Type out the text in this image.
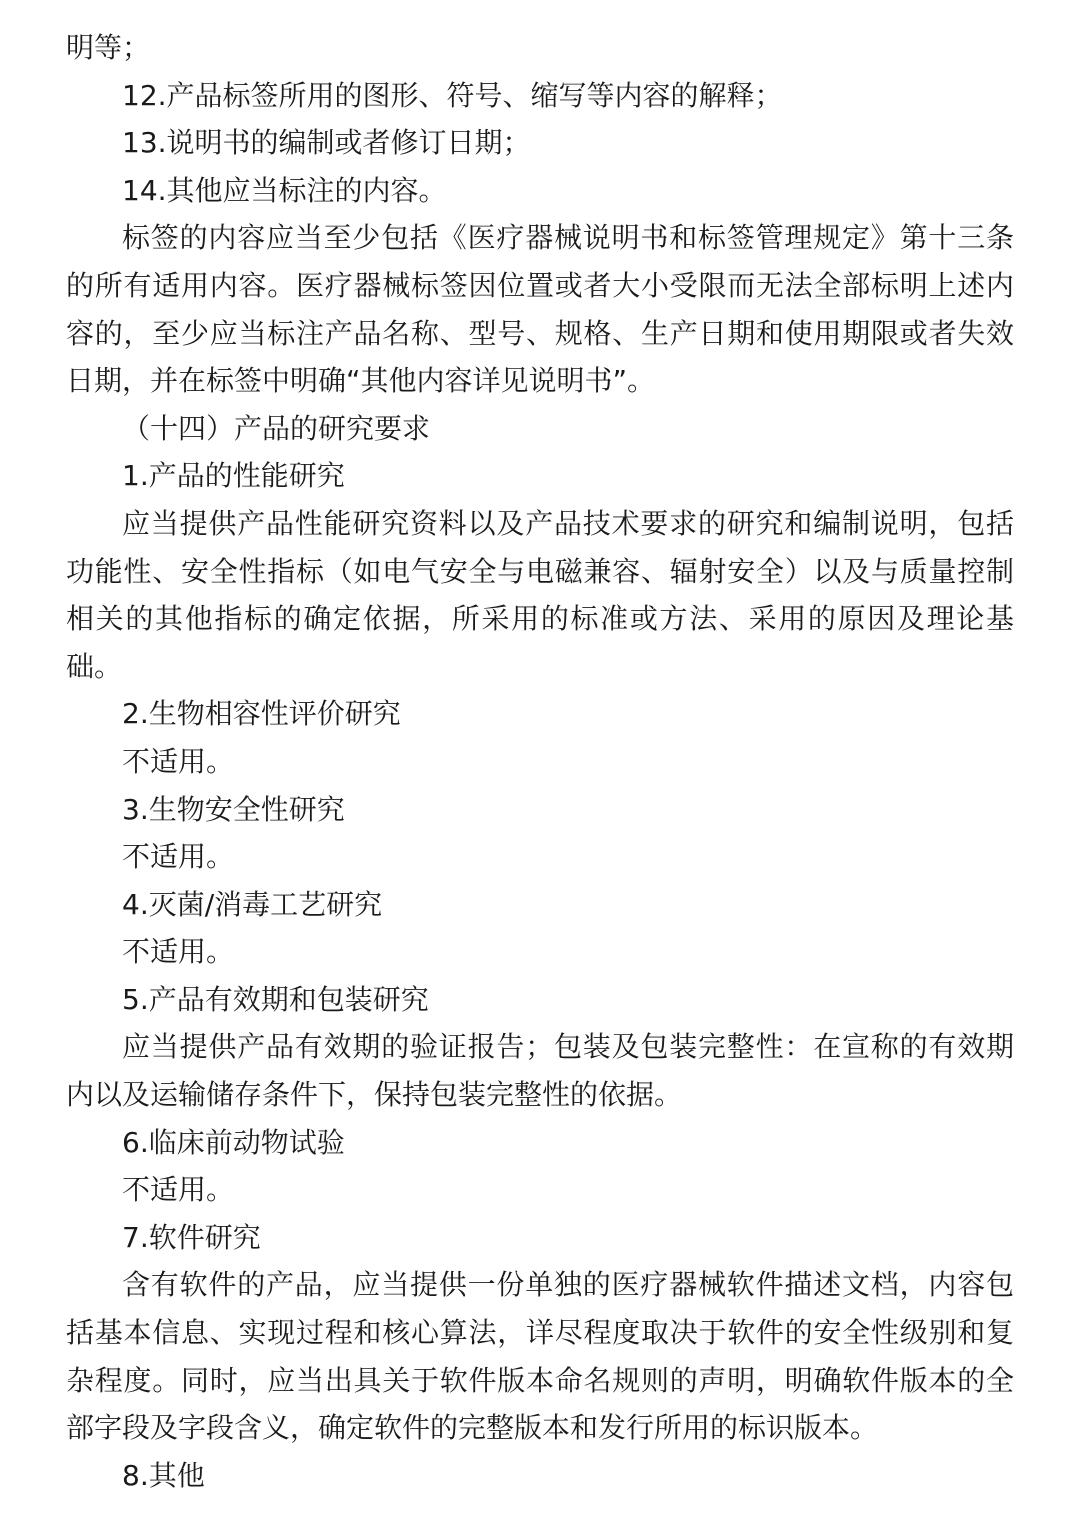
明等；

12.产品标签所用的图形、符号、缩写等内容的解释；

13.说明书的编制或者修订日期；

14.其他应当标注的内容。

标签的内容应当至少包括《医疗器械说明书和标签管理规定》第十三条的所有适用内容。医疗器械标签因位置或者大小受限而无法全部标明上述内容的，至少应当标注产品名称、型号、规格、生产日期和使用期限或者失效日期，并在标签中明确“其他内容详见说明书”。

（十四）产品的研究要求

1.产品的性能研究

应当提供产品性能研究资料以及产品技术要求的研究和编制说明，包括功能性、安全性指标（如电气安全与电磁兼容、辐射安全）以及与质量控制相关的其他指标的确定依据，所采用的标准或方法、采用的原因及理论基础。

2.生物相容性评价研究

不适用。

3.生物安全性研究

不适用。

4.灭菌/消毒工艺研究

不适用。

5.产品有效期和包装研究

应当提供产品有效期的验证报告；包装及包装完整性：在宣称的有效期内以及运输储存条件下，保持包装完整性的依据。

6.临床前动物试验

不适用。

7.软件研究

含有软件的产品，应当提供一份单独的医疗器械软件描述文档，内容包括基本信息、实现过程和核心算法，详尽程度取决于软件的安全性级别和复杂程度。同时，应当出具关于软件版本命名规则的声明，明确软件版本的全部字段及字段含义，确定软件的完整版本和发行所用的标识版本。

8.其他
